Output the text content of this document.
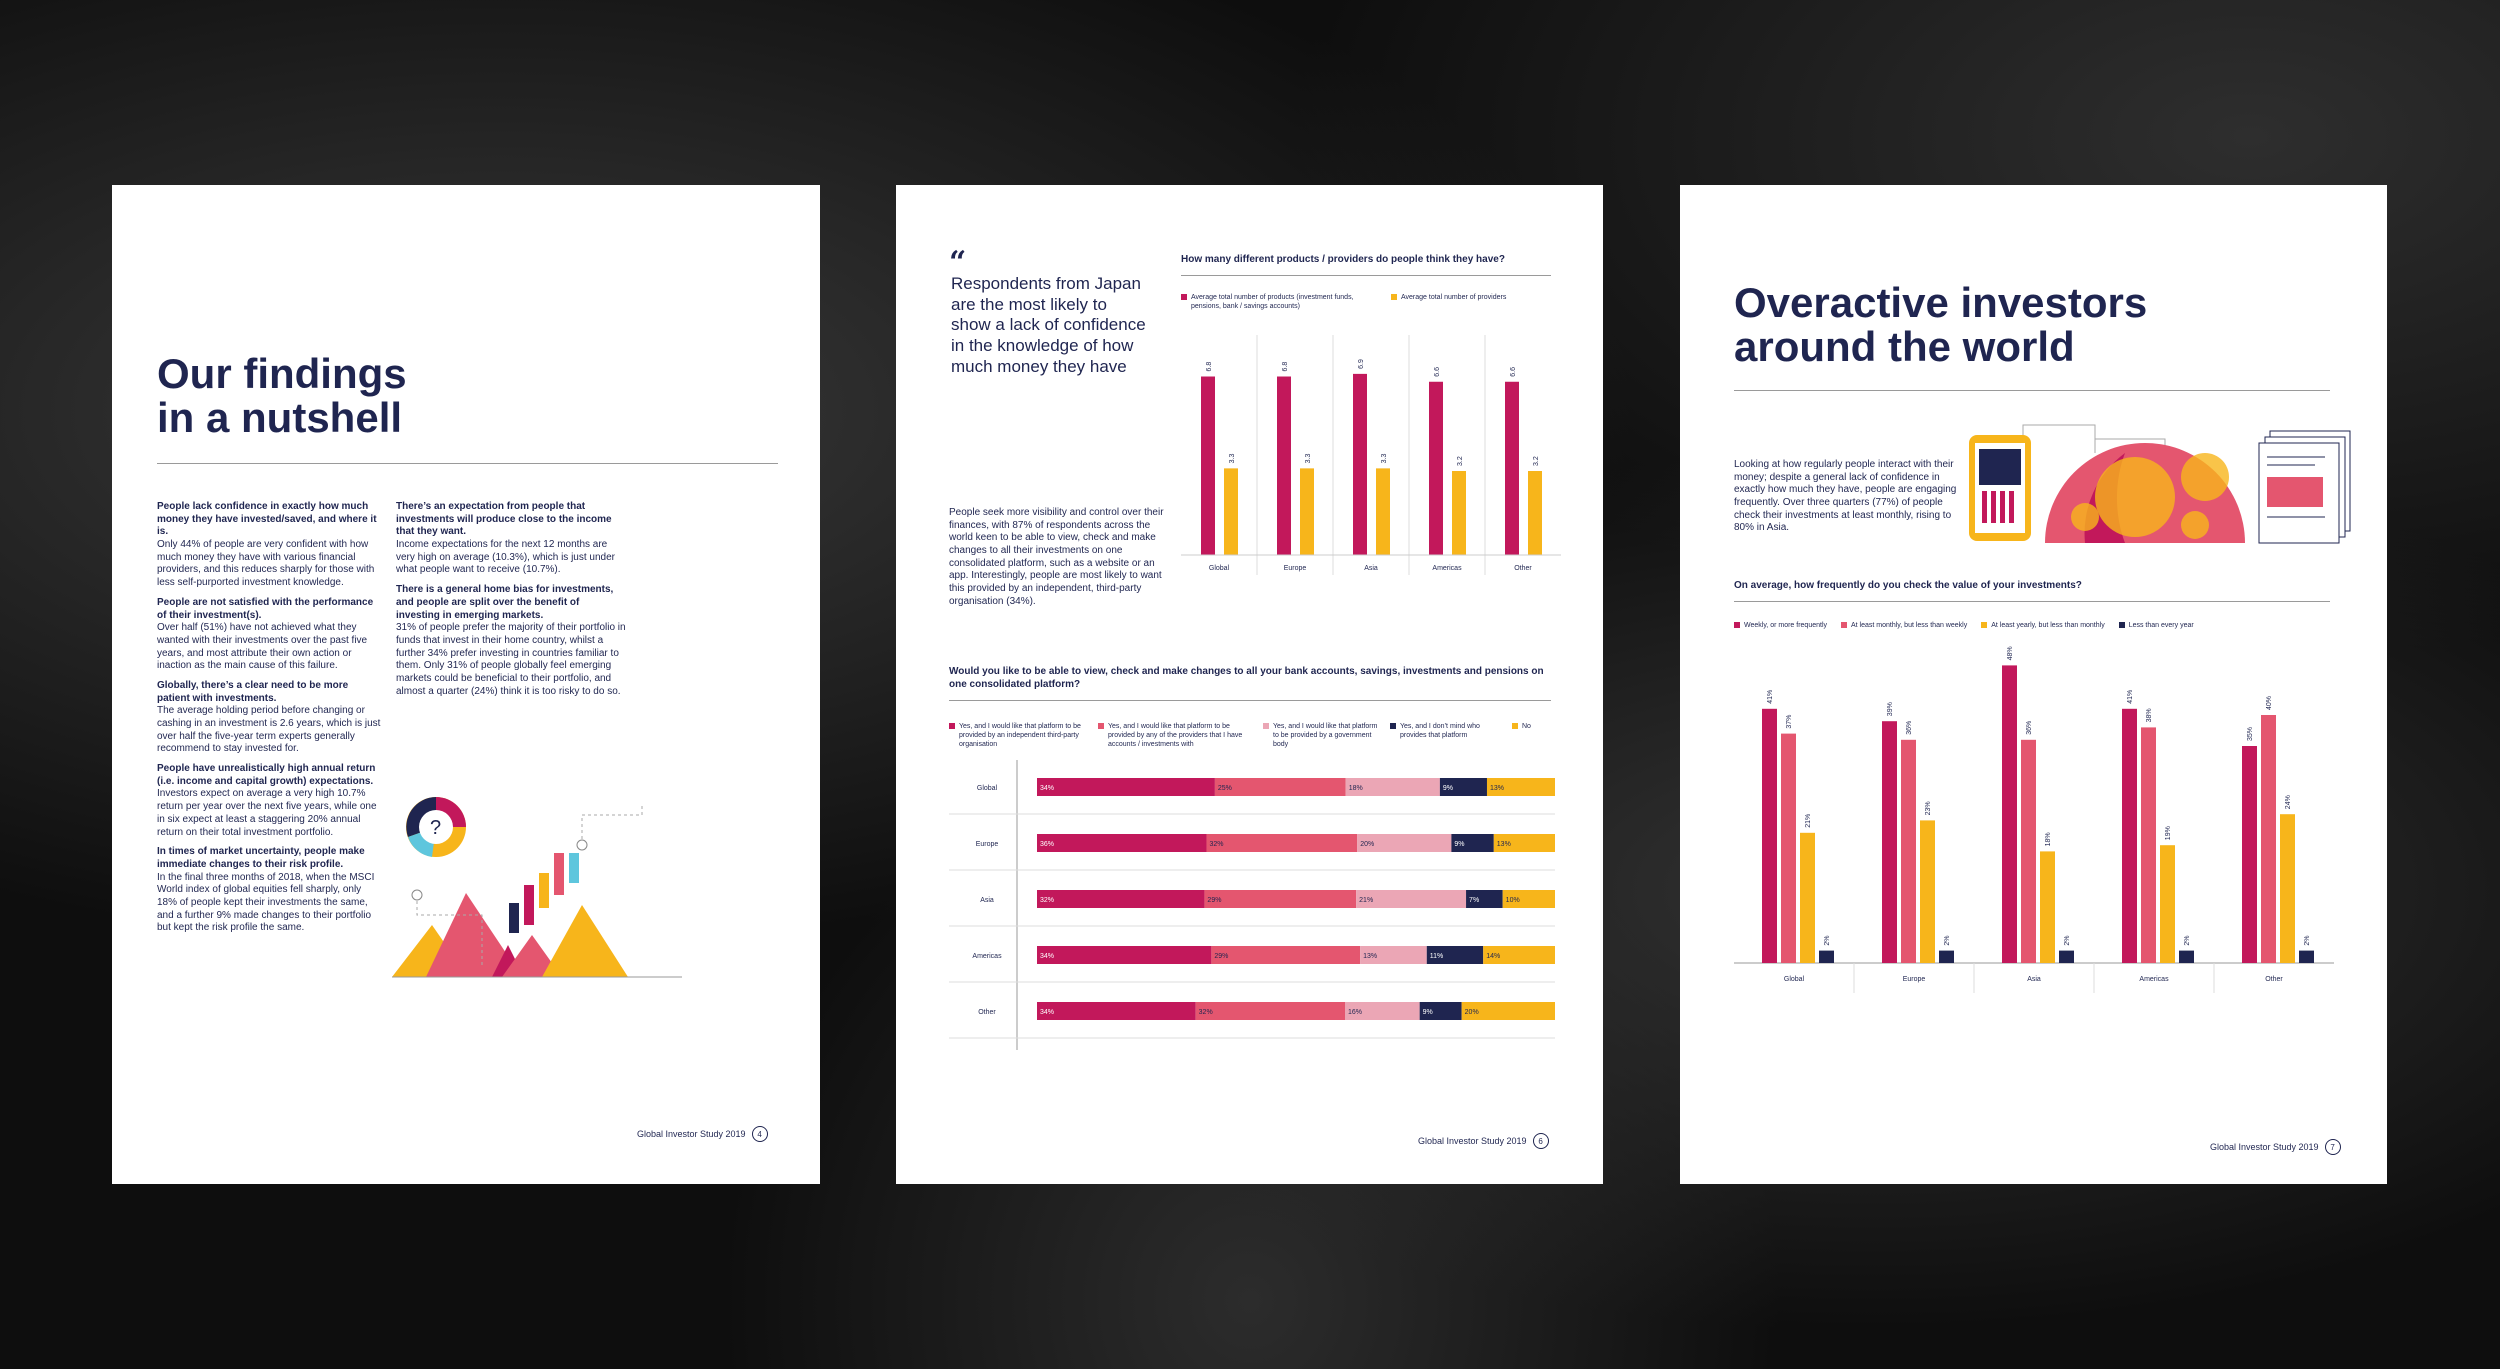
Our findings
in a nutshell

People lack confidence in exactly how much money they have invested/saved, and where it is.
Only 44% of people are very confident with how much money they have with various financial providers, and this reduces sharply for those with less self-purported investment knowledge.

People are not satisfied with the performance of their investment(s).
Over half (51%) have not achieved what they wanted with their investments over the past five years, and most attribute their own action or inaction as the main cause of this failure.

Globally, there’s a clear need to be more patient with investments.
The average holding period before changing or cashing in an investment is 2.6 years, which is just over half the five-year term experts generally recommend to stay invested for.

People have unrealistically high annual return (i.e. income and capital growth) expectations.
Investors expect on average a very high 10.7% return per year over the next five years, while one in six expect at least a staggering 20% annual return on their total investment portfolio.

In times of market uncertainty, people make immediate changes to their risk profile.
In the final three months of 2018, when the MSCI World index of global equities fell sharply, only 18% of people kept their investments the same, and a further 9% made changes to their portfolio but kept the risk profile the same.

There’s an expectation from people that investments will produce close to the income that they want.
Income expectations for the next 12 months are very high on average (10.3%), which is just under what people want to receive (10.7%).

There is a general home bias for investments, and people are split over the benefit of investing in emerging markets.
31% of people prefer the majority of their portfolio in funds that invest in their home country, whilst a further 34% prefer investing in countries familiar to them. Only 31% of people globally feel emerging markets could be beneficial to their portfolio, and almost a quarter (24%) think it is too risky to do so.

?
Global Investor Study 2019	4
“
Respondents from Japan are the most likely to show a lack of confidence in the knowledge of how much money they have
People seek more visibility and control over their finances, with 87% of respondents across the world keen to be able to view, check and make changes to all their investments on one consolidated platform, such as a website or an app. Interestingly, people are most likely to want this provided by an independent, third-party organisation (34%).
How many different products / providers do people think they have?
Average total number of products (investment funds, pensions, bank / savings accounts)
Average total number of providers
6.8
3.3
Global
6.8
3.3
Europe
6.9
3.3
Asia
6.6
3.2
Americas
6.6
3.2
Other
Would you like to be able to view, check and make changes to all your bank accounts, savings, investments and pensions on one consolidated platform?
Yes, and I would like that platform to be provided by an independent third-party organisation
Yes, and I would like that platform to be provided by any of the providers that I have accounts / investments with
Yes, and I would like that platform to be provided by a government body
Yes, and I don’t mind who provides that platform
No
Global	34%	25%	18%	9%	13%
Europe	36%	32%	20%	9%	13%
Asia	32%	29%	21%	7%	10%
Americas	34%	29%	13%	11%	14%
Other	34%	32%	16%	9%	20%
Global Investor Study 2019	6
Overactive investors
around the world
Looking at how regularly people interact with their money; despite a general lack of confidence in exactly how much they have, people are engaging frequently. Over three quarters (77%) of people check their investments at least monthly, rising to 80% in Asia.
On average, how frequently do you check the value of your investments?
Weekly, or more frequently	At least monthly, but less than weekly	At least yearly, but less than monthly	Less than every year
41%
37%
21%
2%
Global
39%
36%
23%
2%
Europe
48%
36%
18%
2%
Asia
41%
38%
19%
2%
Americas
35%
40%
24%
2%
Other
Global Investor Study 2019	7
